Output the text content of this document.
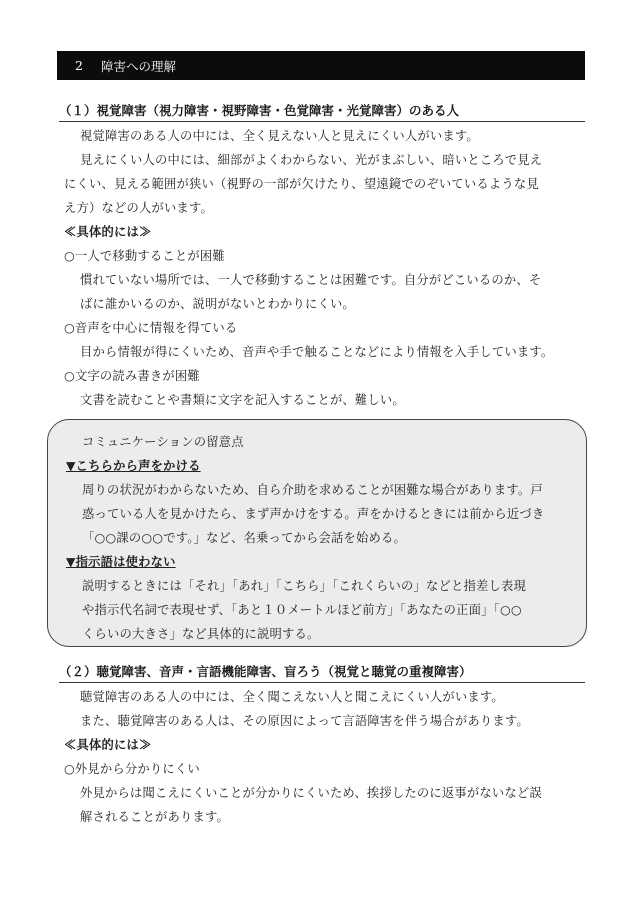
2	障害への理解
（１）視覚障害（視力障害・視野障害・色覚障害・光覚障害）のある人
視覚障害のある人の中には、全く見えない人と見えにくい人がいます。
見えにくい人の中には、細部がよくわからない、光がまぶしい、暗いところで見え
にくい、見える範囲が狭い（視野の一部が欠けたり、望遠鏡でのぞいているような見
え方）などの人がいます。
≪具体的には≫
○一人で移動することが困難
慣れていない場所では、一人で移動することは困難です。自分がどこいるのか、そ
ばに誰かいるのか、説明がないとわかりにくい。
○音声を中心に情報を得ている
目から情報が得にくいため、音声や手で触ることなどにより情報を入手しています。
○文字の読み書きが困難
文書を読むことや書類に文字を記入することが、難しい。
コミュニケーションの留意点
▼こちらから声をかける
周りの状況がわからないため、自ら介助を求めることが困難な場合があります。戸
惑っている人を見かけたら、まず声かけをする。声をかけるときには前から近づき
「○○課の○○です。」など、名乗ってから会話を始める。
▼指示語は使わない
説明するときには「それ」「あれ」「こちら」「これくらいの」などと指差し表現
や指示代名詞で表現せず、「あと１０メートルほど前方」「あなたの正面」「○○
くらいの大きさ」など具体的に説明する。
（２）聴覚障害、音声・言語機能障害、盲ろう（視覚と聴覚の重複障害）
聴覚障害のある人の中には、全く聞こえない人と聞こえにくい人がいます。
また、聴覚障害のある人は、その原因によって言語障害を伴う場合があります。
≪具体的には≫
○外見から分かりにくい
外見からは聞こえにくいことが分かりにくいため、挨拶したのに返事がないなど誤
解されることがあります。
